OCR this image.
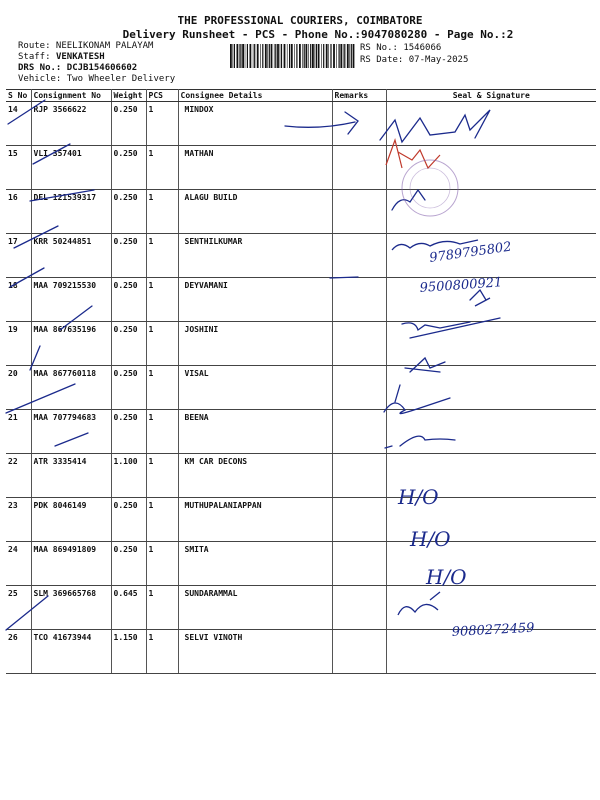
THE PROFESSIONAL COURIERS, COIMBATORE
Delivery Runsheet - PCS - Phone No.:9047080280 - Page No.:2
Route: NEELIKONAM PALAYAM
Staff: VENKATESH
DRS No.: DCJB154606602
Vehicle: Two Wheeler Delivery
RS No.: 1546066
RS Date: 07-May-2025
S No	Consignment No	Weight	PCS	Consignee Details	Remarks	Seal & Signature
14	RJP 3566622	0.250	1	MINDOX		
15	VLI 357401	0.250	1	MATHAN		
16	DEL 121539317	0.250	1	ALAGU BUILD		
17	KRR 50244851	0.250	1	SENTHILKUMAR		
18	MAA 709215530	0.250	1	DEYVAMANI		
19	MAA 867635196	0.250	1	JOSHINI		
20	MAA 867760118	0.250	1	VISAL		
21	MAA 707794683	0.250	1	BEENA		
22	ATR 3335414	1.100	1	KM CAR DECONS		
23	PDK 8046149	0.250	1	MUTHUPALANIAPPAN		
24	MAA 869491809	0.250	1	SMITA		
25	SLM 369665768	0.645	1	SUNDARAMMAL		
26	TCO 41673944	1.150	1	SELVI VINOTH		
9789795802
9500800921
9080272459
H/O
H/O
H/O
